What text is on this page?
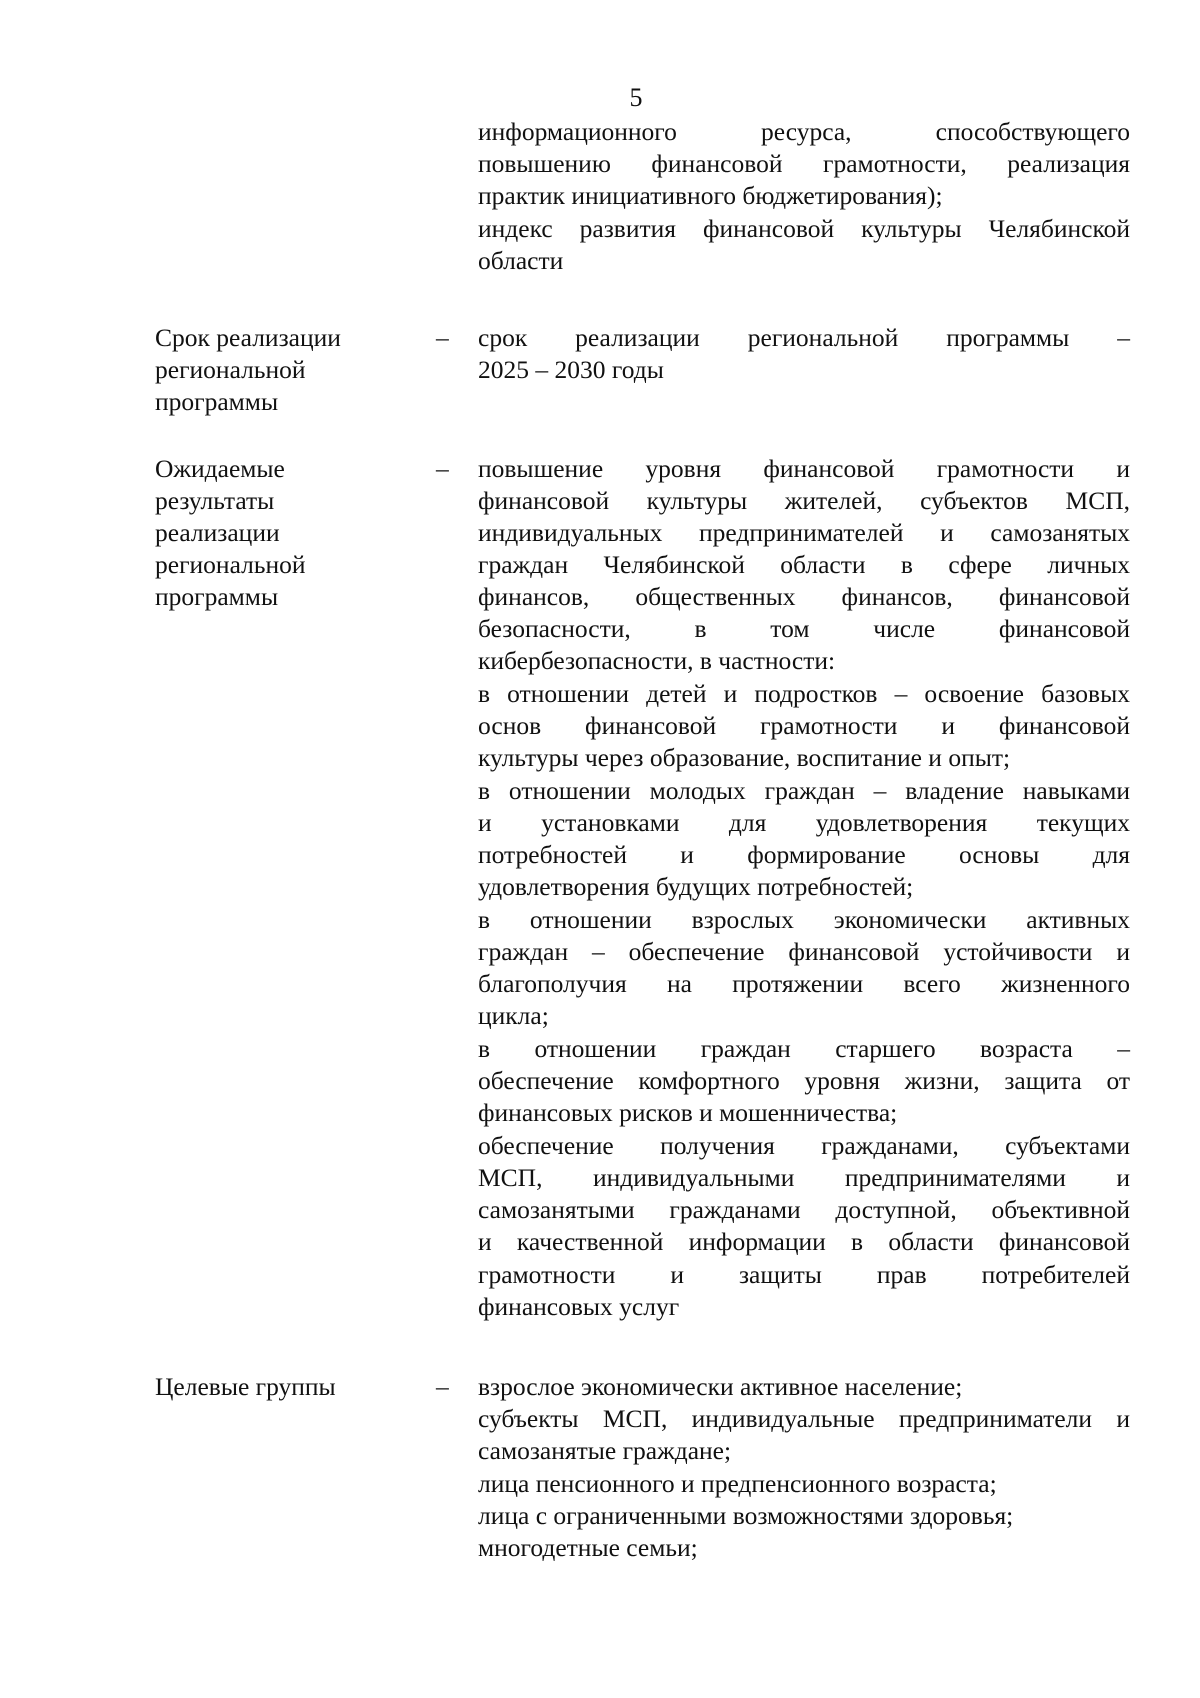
5
информационного ресурса, способствующего
повышению финансовой грамотности, реализация
практик инициативного бюджетирования);
индекс развития финансовой культуры Челябинской
области
Срок реализации
региональной
программы
– срок реализации региональной программы –
2025 – 2030 годы
Ожидаемые
результаты
реализации
региональной
программы
– повышение уровня финансовой грамотности и
финансовой культуры жителей, субъектов МСП,
индивидуальных предпринимателей и самозанятых
граждан Челябинской области в сфере личных
финансов, общественных финансов, финансовой
безопасности, в том числе финансовой
кибербезопасности, в частности:
в отношении детей и подростков – освоение базовых
основ финансовой грамотности и финансовой
культуры через образование, воспитание и опыт;
в отношении молодых граждан – владение навыками
и установками для удовлетворения текущих
потребностей и формирование основы для
удовлетворения будущих потребностей;
в отношении взрослых экономически активных
граждан – обеспечение финансовой устойчивости и
благополучия на протяжении всего жизненного
цикла;
в отношении граждан старшего возраста –
обеспечение комфортного уровня жизни, защита от
финансовых рисков и мошенничества;
обеспечение получения гражданами, субъектами
МСП, индивидуальными предпринимателями и
самозанятыми гражданами доступной, объективной
и качественной информации в области финансовой
грамотности и защиты прав потребителей
финансовых услуг
Целевые группы	– взрослое экономически активное население;
субъекты МСП, индивидуальные предприниматели и
самозанятые граждане;
лица пенсионного и предпенсионного возраста;
лица с ограниченными возможностями здоровья;
многодетные семьи;
